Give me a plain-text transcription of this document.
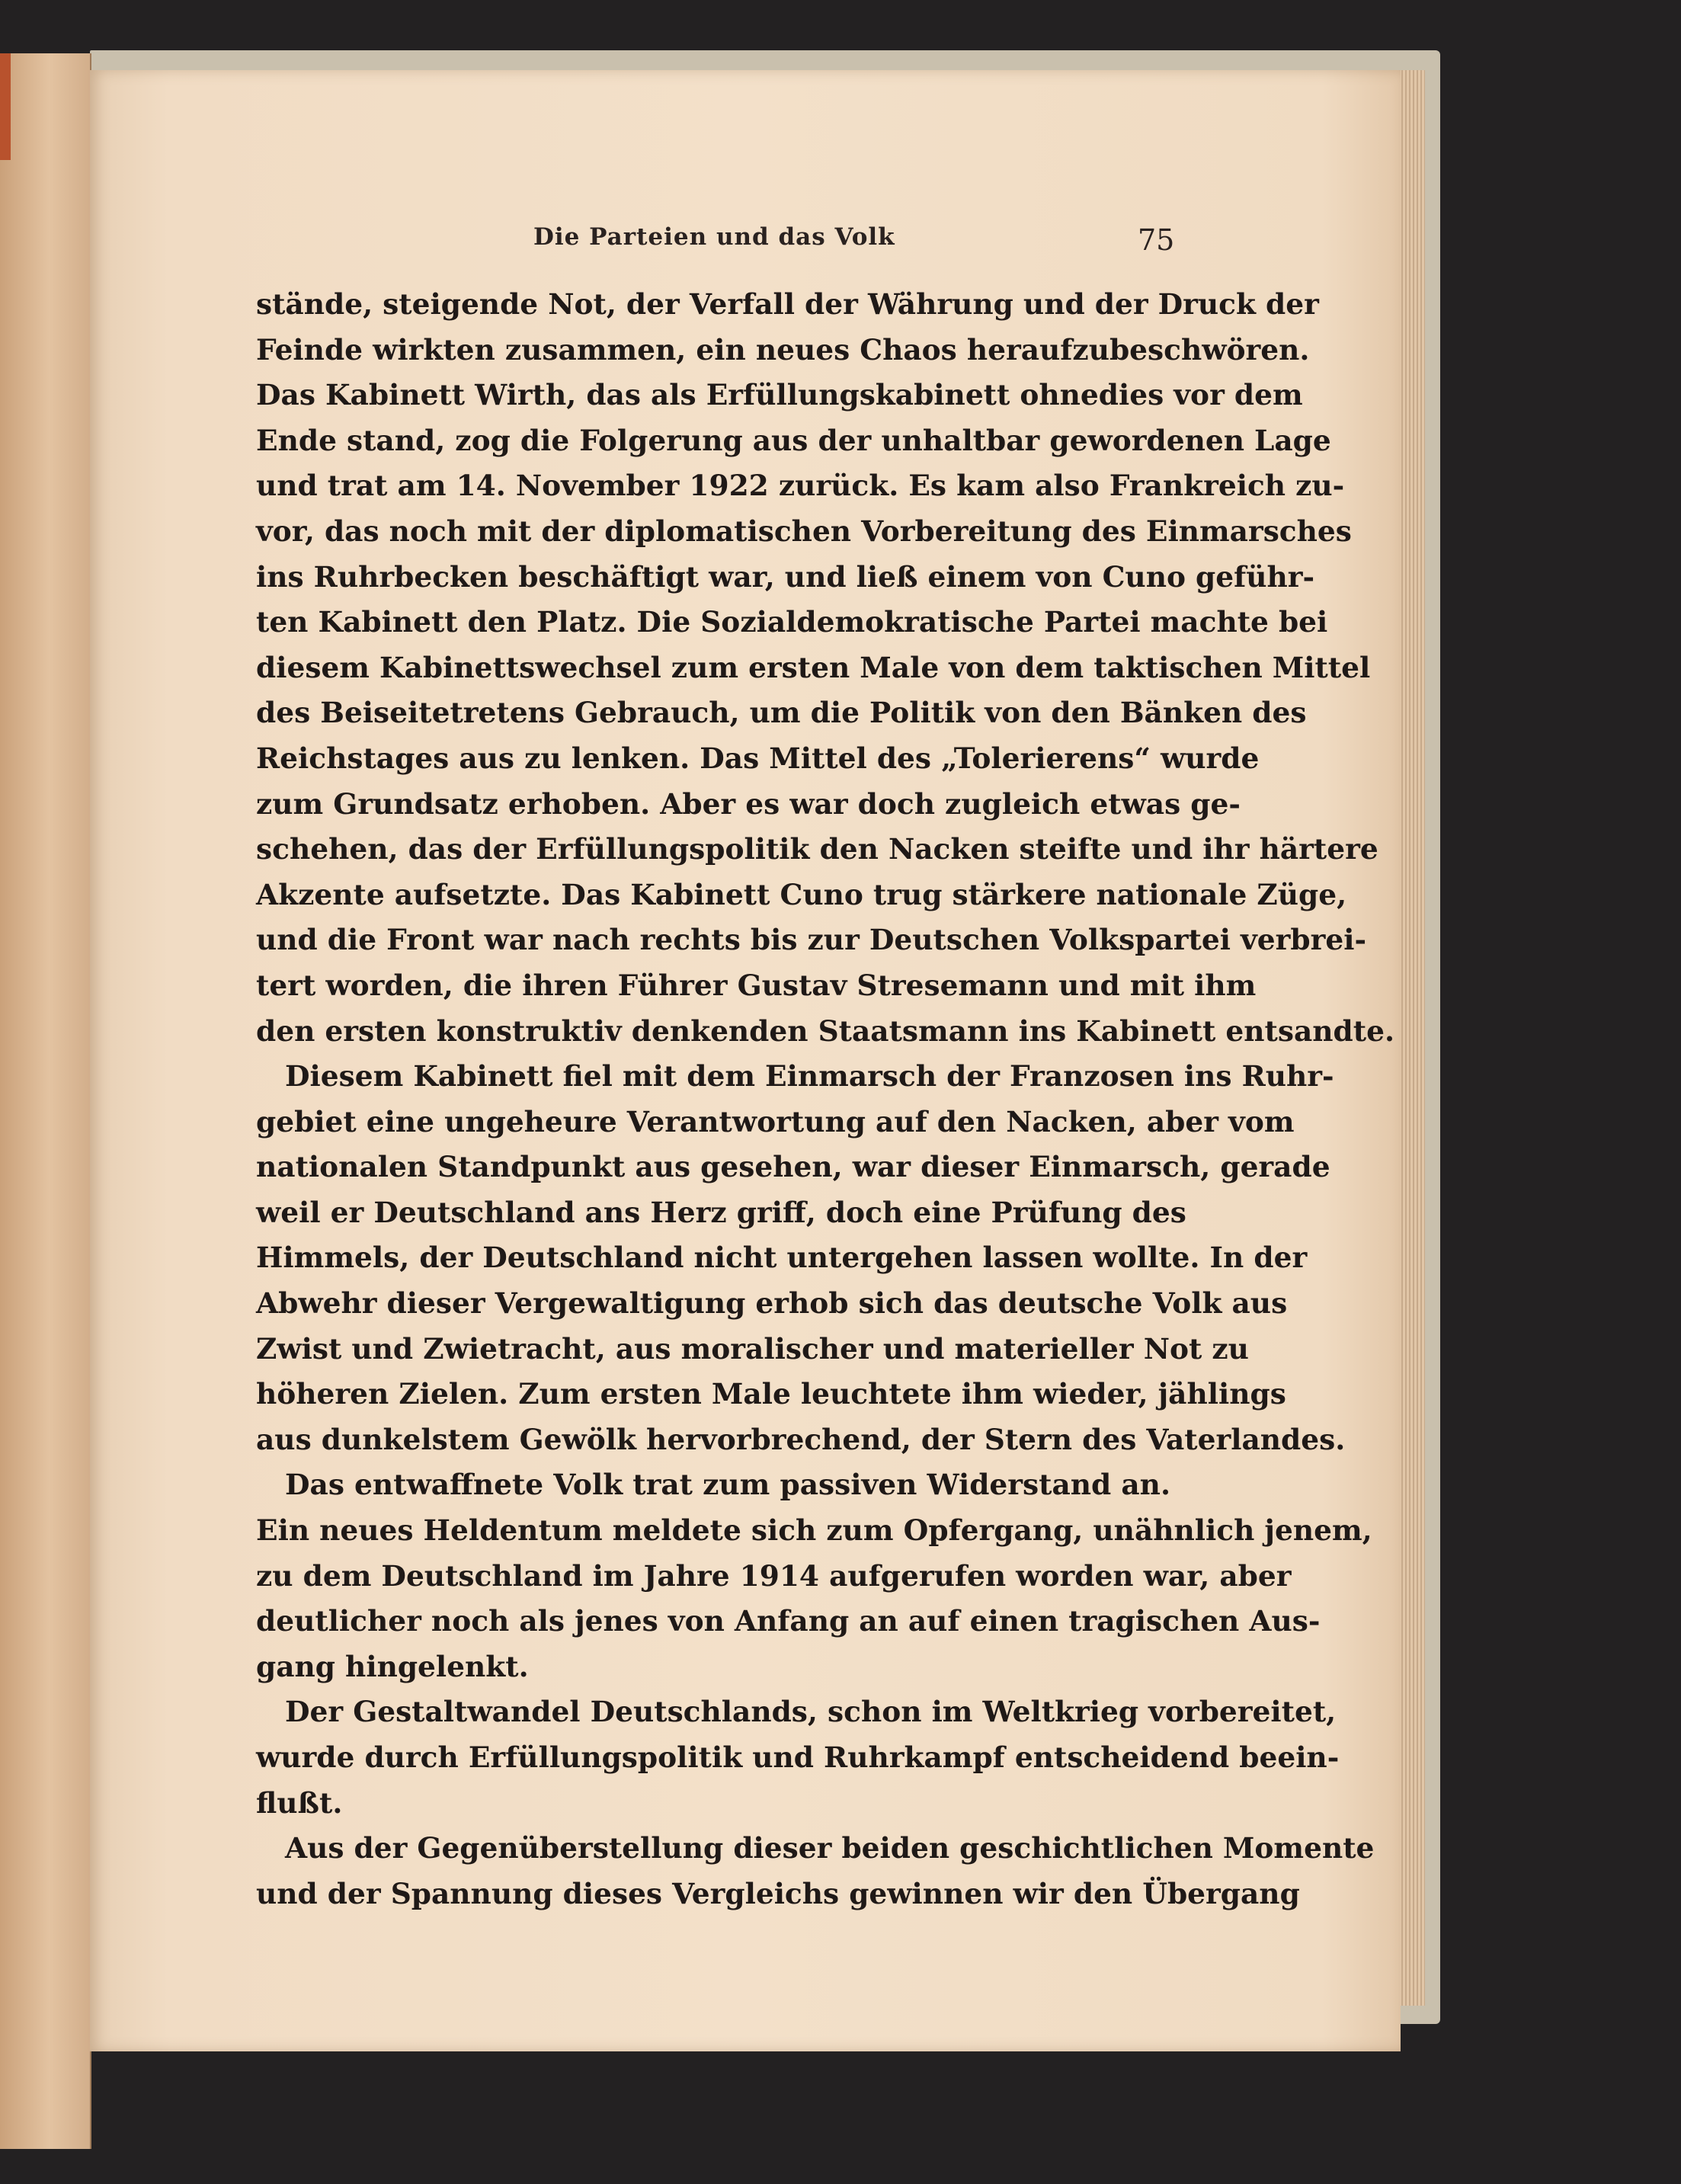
Die Parteien und das Volk	75
stände, steigende Not, der Verfall der Währung und der Druck der
Feinde wirkten zusammen, ein neues Chaos heraufzubeschwören.
Das Kabinett Wirth, das als Erfüllungskabinett ohnedies vor dem
Ende stand, zog die Folgerung aus der unhaltbar gewordenen Lage
und trat am 14. November 1922 zurück. Es kam also Frankreich zu-
vor, das noch mit der diplomatischen Vorbereitung des Einmarsches
ins Ruhrbecken beschäftigt war, und ließ einem von Cuno geführ-
ten Kabinett den Platz. Die Sozialdemokratische Partei machte bei
diesem Kabinettswechsel zum ersten Male von dem taktischen Mittel
des Beiseitetretens Gebrauch, um die Politik von den Bänken des
Reichstages aus zu lenken. Das Mittel des „Tolerierens“ wurde
zum Grundsatz erhoben. Aber es war doch zugleich etwas ge-
schehen, das der Erfüllungspolitik den Nacken steifte und ihr härtere
Akzente aufsetzte. Das Kabinett Cuno trug stärkere nationale Züge,
und die Front war nach rechts bis zur Deutschen Volkspartei verbrei-
tert worden, die ihren Führer Gustav Stresemann und mit ihm
den ersten konstruktiv denkenden Staatsmann ins Kabinett entsandte.
Diesem Kabinett fiel mit dem Einmarsch der Franzosen ins Ruhr-
gebiet eine ungeheure Verantwortung auf den Nacken, aber vom
nationalen Standpunkt aus gesehen, war dieser Einmarsch, gerade
weil er Deutschland ans Herz griff, doch eine Prüfung des
Himmels, der Deutschland nicht untergehen lassen wollte. In der
Abwehr dieser Vergewaltigung erhob sich das deutsche Volk aus
Zwist und Zwietracht, aus moralischer und materieller Not zu
höheren Zielen. Zum ersten Male leuchtete ihm wieder, jählings
aus dunkelstem Gewölk hervorbrechend, der Stern des Vaterlandes.
Das entwaffnete Volk trat zum passiven Widerstand an.
Ein neues Heldentum meldete sich zum Opfergang, unähnlich jenem,
zu dem Deutschland im Jahre 1914 aufgerufen worden war, aber
deutlicher noch als jenes von Anfang an auf einen tragischen Aus-
gang hingelenkt.
Der Gestaltwandel Deutschlands, schon im Weltkrieg vorbereitet,
wurde durch Erfüllungspolitik und Ruhrkampf entscheidend beein-
flußt.
Aus der Gegenüberstellung dieser beiden geschichtlichen Momente
und der Spannung dieses Vergleichs gewinnen wir den Übergang
